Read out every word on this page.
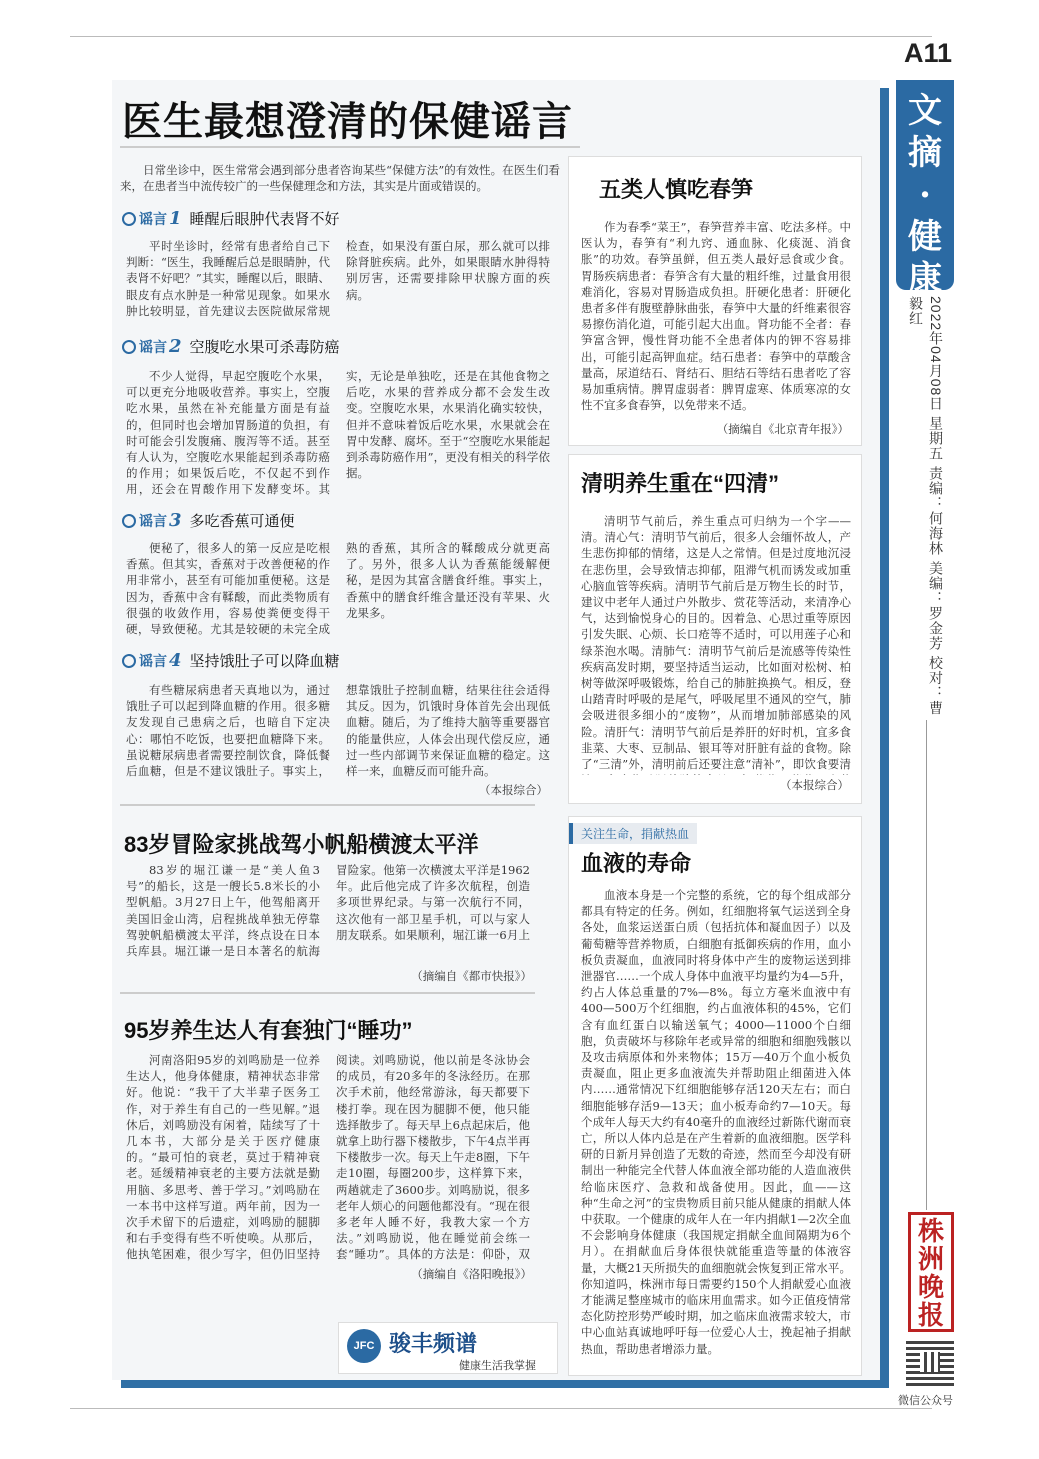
A11
医生最想澄清的保健谣言
日常坐诊中，医生常常会遇到部分患者咨询某些“保健方法”的有效性。在医生们看来，在患者当中流传较广的一些保健理念和方法，其实是片面或错误的。
谣言 1 睡醒后眼肿代表肾不好
平时坐诊时，经常有患者给自己下判断：“医生，我睡醒后总是眼睛肿，代表肾不好吧？”其实，睡醒以后，眼睛、眼皮有点水肿是一种常见现象。如果水肿比较明显，首先建议去医院做尿常规检查，如果没有蛋白尿，那么就可以排除肾脏疾病。此外，如果眼睛水肿得特别厉害，还需要排除甲状腺方面的疾病。
谣言 2 空腹吃水果可杀毒防癌
不少人觉得，早起空腹吃个水果，可以更充分地吸收营养。事实上，空腹吃水果，虽然在补充能量方面是有益的，但同时也会增加胃肠道的负担，有时可能会引发腹痛、腹泻等不适。甚至有人认为，空腹吃水果能起到杀毒防癌的作用；如果饭后吃，不仅起不到作用，还会在胃酸作用下发酵变坏。其实，无论是单独吃，还是在其他食物之后吃，水果的营养成分都不会发生改变。空腹吃水果，水果消化确实较快，但并不意味着饭后吃水果，水果就会在胃中发酵、腐坏。至于“空腹吃水果能起到杀毒防癌作用”，更没有相关的科学依据。
谣言 3 多吃香蕉可通便
便秘了，很多人的第一反应是吃根香蕉。但其实，香蕉对于改善便秘的作用非常小，甚至有可能加重便秘。这是因为，香蕉中含有鞣酸，而此类物质有很强的收敛作用，容易使粪便变得干硬，导致便秘。尤其是较硬的未完全成熟的香蕉，其所含的鞣酸成分就更高了。另外，很多人认为香蕉能缓解便秘，是因为其富含膳食纤维。事实上，香蕉中的膳食纤维含量还没有苹果、火龙果多。
谣言 4 坚持饿肚子可以降血糖
有些糖尿病患者天真地以为，通过饿肚子可以起到降血糖的作用。很多糖友发现自己患病之后，也暗自下定决心：哪怕不吃饭，也要把血糖降下来。虽说糖尿病患者需要控制饮食，降低餐后血糖，但是不建议饿肚子。事实上，想靠饿肚子控制血糖，结果往往会适得其反。因为，饥饿时身体首先会出现低血糖。随后，为了维持大脑等重要器官的能量供应，人体会出现代偿反应，通过一些内部调节来保证血糖的稳定。这样一来，血糖反而可能升高。
（本报综合）
83岁冒险家挑战驾小帆船横渡太平洋
83岁的堀江谦一是“美人鱼3号”的船长，这是一艘长5.8米长的小型帆船。3月27日上午，他驾船离开美国旧金山湾，启程挑战单独无停靠驾驶帆船横渡太平洋，终点设在日本兵库县。堀江谦一是日本著名的航海冒险家。他第一次横渡太平洋是1962年。此后他完成了许多次航程，创造多项世界纪录。与第一次航行不同，这次他有一部卫星手机，可以与家人朋友联系。如果顺利，堀江谦一6月上
（摘编自《都市快报》）
95岁养生达人有套独门“睡功”
河南洛阳95岁的刘鸣励是一位养生达人，他身体健康，精神状态非常好。他说：“我干了大半辈子医务工作，对于养生有自己的一些见解。”退休后，刘鸣励没有闲着，陆续写了十几本书，大部分是关于医疗健康的。“最可怕的衰老，莫过于精神衰老。延缓精神衰老的主要方法就是勤用脑、多思考、善于学习。”刘鸣励在一本书中这样写道。两年前，因为一次手术留下的后遗症，刘鸣励的腿脚和右手变得有些不听使唤。从那后，他执笔困难，很少写字，但仍旧坚持阅读。刘鸣励说，他以前是冬泳协会的成员，有20多年的冬泳经历。在那次手术前，他经常游泳，每天都要下楼打拳。现在因为腿脚不便，他只能选择散步了。每天早上6点起床后，他就拿上助行器下楼散步，下午4点半再下楼散步一次。每天上午走8圈，下午走10圈，每圈200步，这样算下来，两趟就走了3600步。刘鸣励说，很多老年人烦心的问题他都没有。“现在很多老年人睡不好，我教大家一个方法。”刘鸣励说，他在睡觉前会练一套“睡功”。具体的方法是：仰卧，双
（摘编自《洛阳晚报》）
五类人慎吃春笋
作为春季“菜王”，春笋营养丰富、吃法多样。中医认为，春笋有“利九窍、通血脉、化痰涎、消食胀”的功效。春笋虽鲜，但五类人最好忌食或少食。胃肠疾病患者：春笋含有大量的粗纤维，过量食用很难消化，容易对胃肠造成负担。肝硬化患者：肝硬化患者多伴有腹壁静脉曲张，春笋中大量的纤维素很容易擦伤消化道，可能引起大出血。肾功能不全者：春笋富含钾，慢性肾功能不全患者体内的钾不容易排出，可能引起高钾血症。结石患者：春笋中的草酸含量高，尿道结石、肾结石、胆结石等结石患者吃了容易加重病情。脾胃虚弱者：脾胃虚寒、体质寒凉的女性不宜多食春笋，以免带来不适。
（摘编自《北京青年报》）
清明养生重在“四清”
清明节气前后，养生重点可归纳为一个字——清。清心气：清明节气前后，很多人会缅怀故人，产生悲伤抑郁的情绪，这是人之常情。但是过度地沉浸在悲伤里，会导致情志抑郁，阻滞气机而诱发或加重心脑血管等疾病。清明节气前后是万物生长的时节，建议中老年人通过户外散步、赏花等活动，来清净心气，达到愉悦身心的目的。因着急、心思过重等原因引发失眠、心烦、长口疮等不适时，可以用莲子心和绿茶泡水喝。清肺气：清明节气前后是流感等传染性疾病高发时期，要坚持适当运动，比如面对松树、柏树等做深呼吸锻炼，给自己的肺脏换换气。相反，登山踏青时呼吸的是尾气，呼吸尾里不通风的空气，肺会吸进很多细小的“废物”，从而增加肺部感染的风险。清肝气：清明节气前后是养肝的好时机，宜多食韭菜、大枣、豆制品、银耳等对肝脏有益的食物。除了“三清”外，清明前后还要注意“清补”，即饮食要清
（本报综合）
关注生命，捐献热血
血液的寿命
血液本身是一个完整的系统，它的每个组成部分都具有特定的任务。例如，红细胞将氧气运送到全身各处，血浆运送蛋白质（包括抗体和凝血因子）以及葡萄糖等营养物质，白细胞有抵御疾病的作用，血小板负责凝血，血液同时将身体中产生的废物运送到排泄器官……一个成人身体中血液平均量约为4—5升，约占人体总重量的7%—8%。每立方毫米血液中有400—500万个红细胞，约占血液体积的45%，它们含有血红蛋白以输送氧气；4000—11000个白细胞，负责破坏与移除年老或异常的细胞和细胞残骸以及攻击病原体和外来物体；15万—40万个血小板负责凝血，阻止更多血液流失并帮助阻止细菌进入体内……通常情况下红细胞能够存活120天左右；而白细胞能够存活9—13天；血小板寿命约7—10天。每个成年人每天大约有40毫升的血液经过新陈代谢而衰亡，所以人体内总是在产生着新的血液细胞。医学科研的日新月异创造了无数的奇迹，然而至今却没有研制出一种能完全代替人体血液全部功能的人造血液供给临床医疗、急救和战备使用。因此，血——这种“生命之河”的宝贵物质目前只能从健康的捐献人体中获取。一个健康的成年人在一年内捐献1—2次全血不会影响身体健康（我国规定捐献全血间隔期为6个月）。在捐献血后身体很快就能重造等量的体液容量，大概21天所损失的血细胞就会恢复到正常水平。你知道吗，株洲市每日需要约150个人捐献爱心血液才能满足整座城市的临床用血需求。如今正值疫情常态化防控形势严峻时期，加之临床血液需求较大，市中心血站真诚地呼吁每一位爱心人士，挽起袖子捐献热血，帮助患者增添力量。
JFC 骏丰频谱
健康生活我掌握
文摘
·
健康
2022年04月08日 星期五 责编：何海林 美编：罗金芳 校对：曹毅红
株洲
晚报
微信公众号
